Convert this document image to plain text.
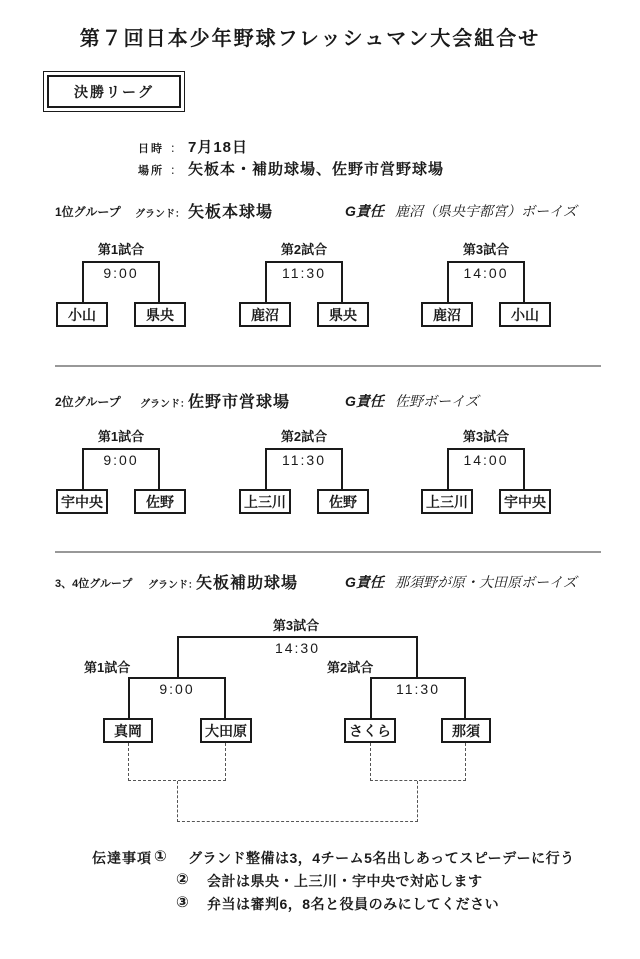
第７回日本少年野球フレッシュマン大会組合せ
決勝リーグ
日時 ： 7月18日
場所 ： 矢板本・補助球場、佐野市営野球場
1位グループ グランド： 矢板本球場	G責任 鹿沼（県央宇都宮）ボーイズ
第1試合
9:00
小山	県央
第2試合
11:30
鹿沼	県央
第3試合
14:00
鹿沼	小山
2位グループ グランド：
佐野市営球場	G責任 佐野ボーイズ
第1試合
9:00
宇中央	佐野
第2試合
11:30
上三川	佐野
第3試合
14:00
上三川	宇中央
3、4位グループ グランド：
矢板補助球場	G責任 那須野が原・大田原ボーイズ
第3試合
14:30
第1試合
9:00
第2試合
11:30
真岡	大田原	さくら	那須
伝達事項 ① グランド整備は3，4チーム5名出しあってスピーデーに行う
② 会計は県央・上三川・宇中央で対応します
③ 弁当は審判6，8名と役員のみにしてください
